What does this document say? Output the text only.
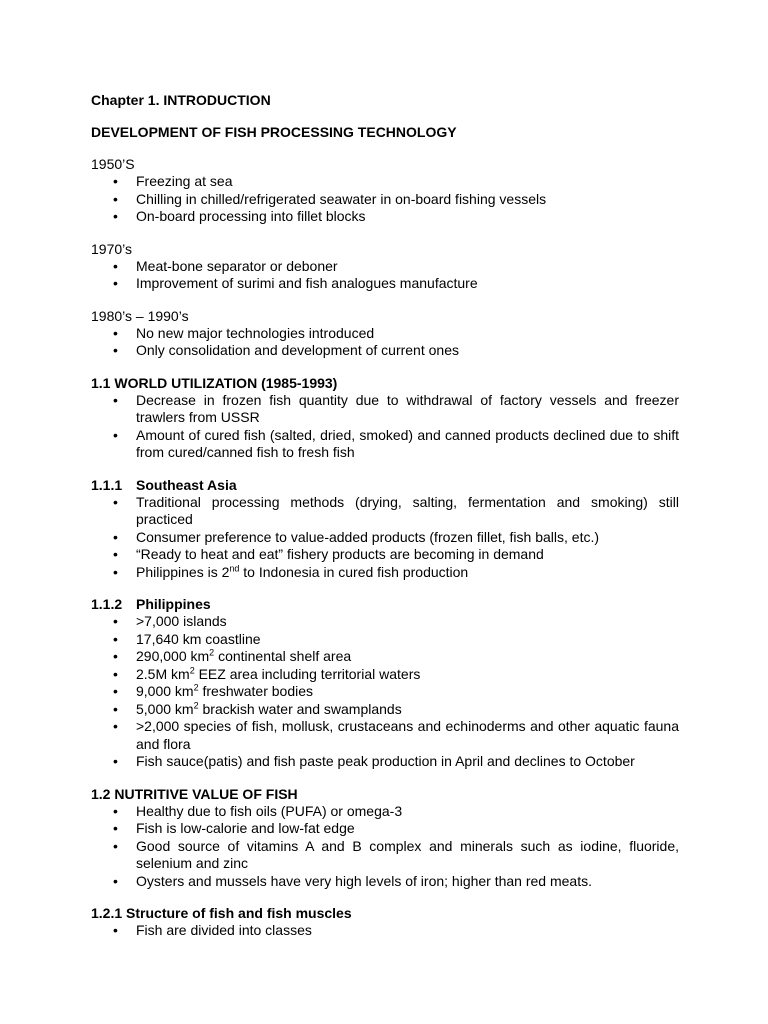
Chapter 1. INTRODUCTION

DEVELOPMENT OF FISH PROCESSING TECHNOLOGY

1950’S

• Freezing at sea
• Chilling in chilled/refrigerated seawater in on-board fishing vessels
• On-board processing into fillet blocks

1970’s

• Meat-bone separator or deboner
• Improvement of surimi and fish analogues manufacture

1980’s – 1990’s

• No new major technologies introduced
• Only consolidation and development of current ones

1.1 WORLD UTILIZATION (1985-1993)

• Decrease in frozen fish quantity due to withdrawal of factory vessels and freezer trawlers from USSR
• Amount of cured fish (salted, dried, smoked) and canned products declined due to shift from cured/canned fish to fresh fish

1.1.1 Southeast Asia

• Traditional processing methods (drying, salting, fermentation and smoking) still practiced
• Consumer preference to value-added products (frozen fillet, fish balls, etc.)
• “Ready to heat and eat” fishery products are becoming in demand
• Philippines is 2nd to Indonesia in cured fish production

1.1.2 Philippines

• >7,000 islands
• 17,640 km coastline
• 290,000 $km^2$ continental shelf area
• 2.5M $km^2$ EEZ area including territorial waters
• 9,000 $km^2$ freshwater bodies
• 5,000 $km^2$ brackish water and swamplands
• >2,000 species of fish, mollusk, crustaceans and echinoderms and other aquatic fauna and flora
• Fish sauce(patis) and fish paste peak production in April and declines to October

1.2 NUTRITIVE VALUE OF FISH

• Healthy due to fish oils (PUFA) or omega-3
• Fish is low-calorie and low-fat edge
• Good source of vitamins A and B complex and minerals such as iodine, fluoride, selenium and zinc
• Oysters and mussels have very high levels of iron; higher than red meats.

1.2.1 Structure of fish and fish muscles

• Fish are divided into classes
